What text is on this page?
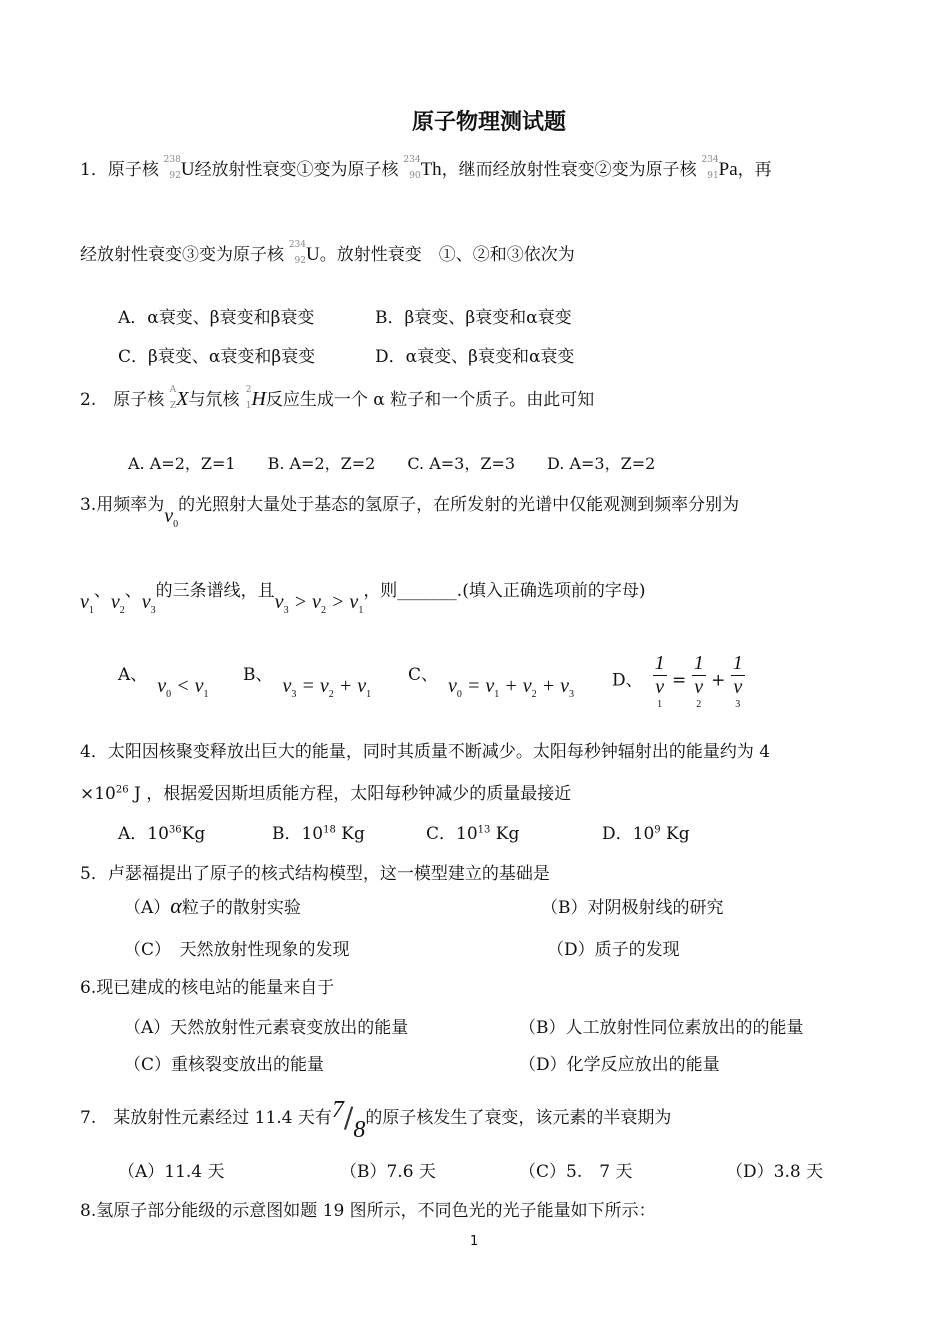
原子物理测试题
1．原子核 238
92 U经放射性衰变①变为原子核 234
90 Th，继而经放射性衰变②变为原子核 234
91 Pa，再
经放射性衰变③变为原子核 234
92 U。放射性衰变　①、②和③依次为
A．α衰变、β衰变和β衰变	B．β衰变、β衰变和α衰变
C．β衰变、α衰变和β衰变	D．α衰变、β衰变和α衰变
2.　原子核 A
Z X与氘核 2
1 H反应生成一个 α 粒子和一个质子。由此可知
A. A=2，Z=1　　B. A=2，Z=2　　C. A=3，Z=3　　D. A=3，Z=2
3.用频率为$v_0$的光照射大量处于基态的氢原子，在所发射的光谱中仅能观测到频率分别为
$v_1$、$v_2$、$v_3$的三条谱线，且$v_3 > v_2 > v_1$，则_______.(填入正确选项前的字母)
A、 $v_0 < v_1$
B、 $v_3 = v_2 + v_1$
C、 $v_0 = v_1 + v_2 + v_3$
D、 1
v
1 = 1
v
2 + 1
v
3
4．太阳因核聚变释放出巨大的能量，同时其质量不断减少。太阳每秒钟辐射出的能量约为 4
$\times 10^{26}$ J ，根据爱因斯坦质能方程，太阳每秒钟减少的质量最接近
A．$10^{36}Kg$	B．$10^{18}$ Kg	C．$10^{13}$ Kg	D．$10^9$ Kg
5．卢瑟福提出了原子的核式结构模型，这一模型建立的基础是
（A）α粒子的散射实验	（B）对阴极射线的研究
（C）　天然放射性现象的发现	（D）质子的发现
6.现已建成的核电站的能量来自于
（A）天然放射性元素衰变放出的能量	（B）人工放射性同位素放出的的能量
（C）重核裂变放出的能量	（D）化学反应放出的能量
7.　某放射性元素经过 11.4 天有7∕8的原子核发生了衰变，该元素的半衰期为
（A）11.4 天	（B）7.6 天	（C）5.　7 天	（D）3.8 天
8.氢原子部分能级的示意图如题 19 图所示，不同色光的光子能量如下所示：
1
